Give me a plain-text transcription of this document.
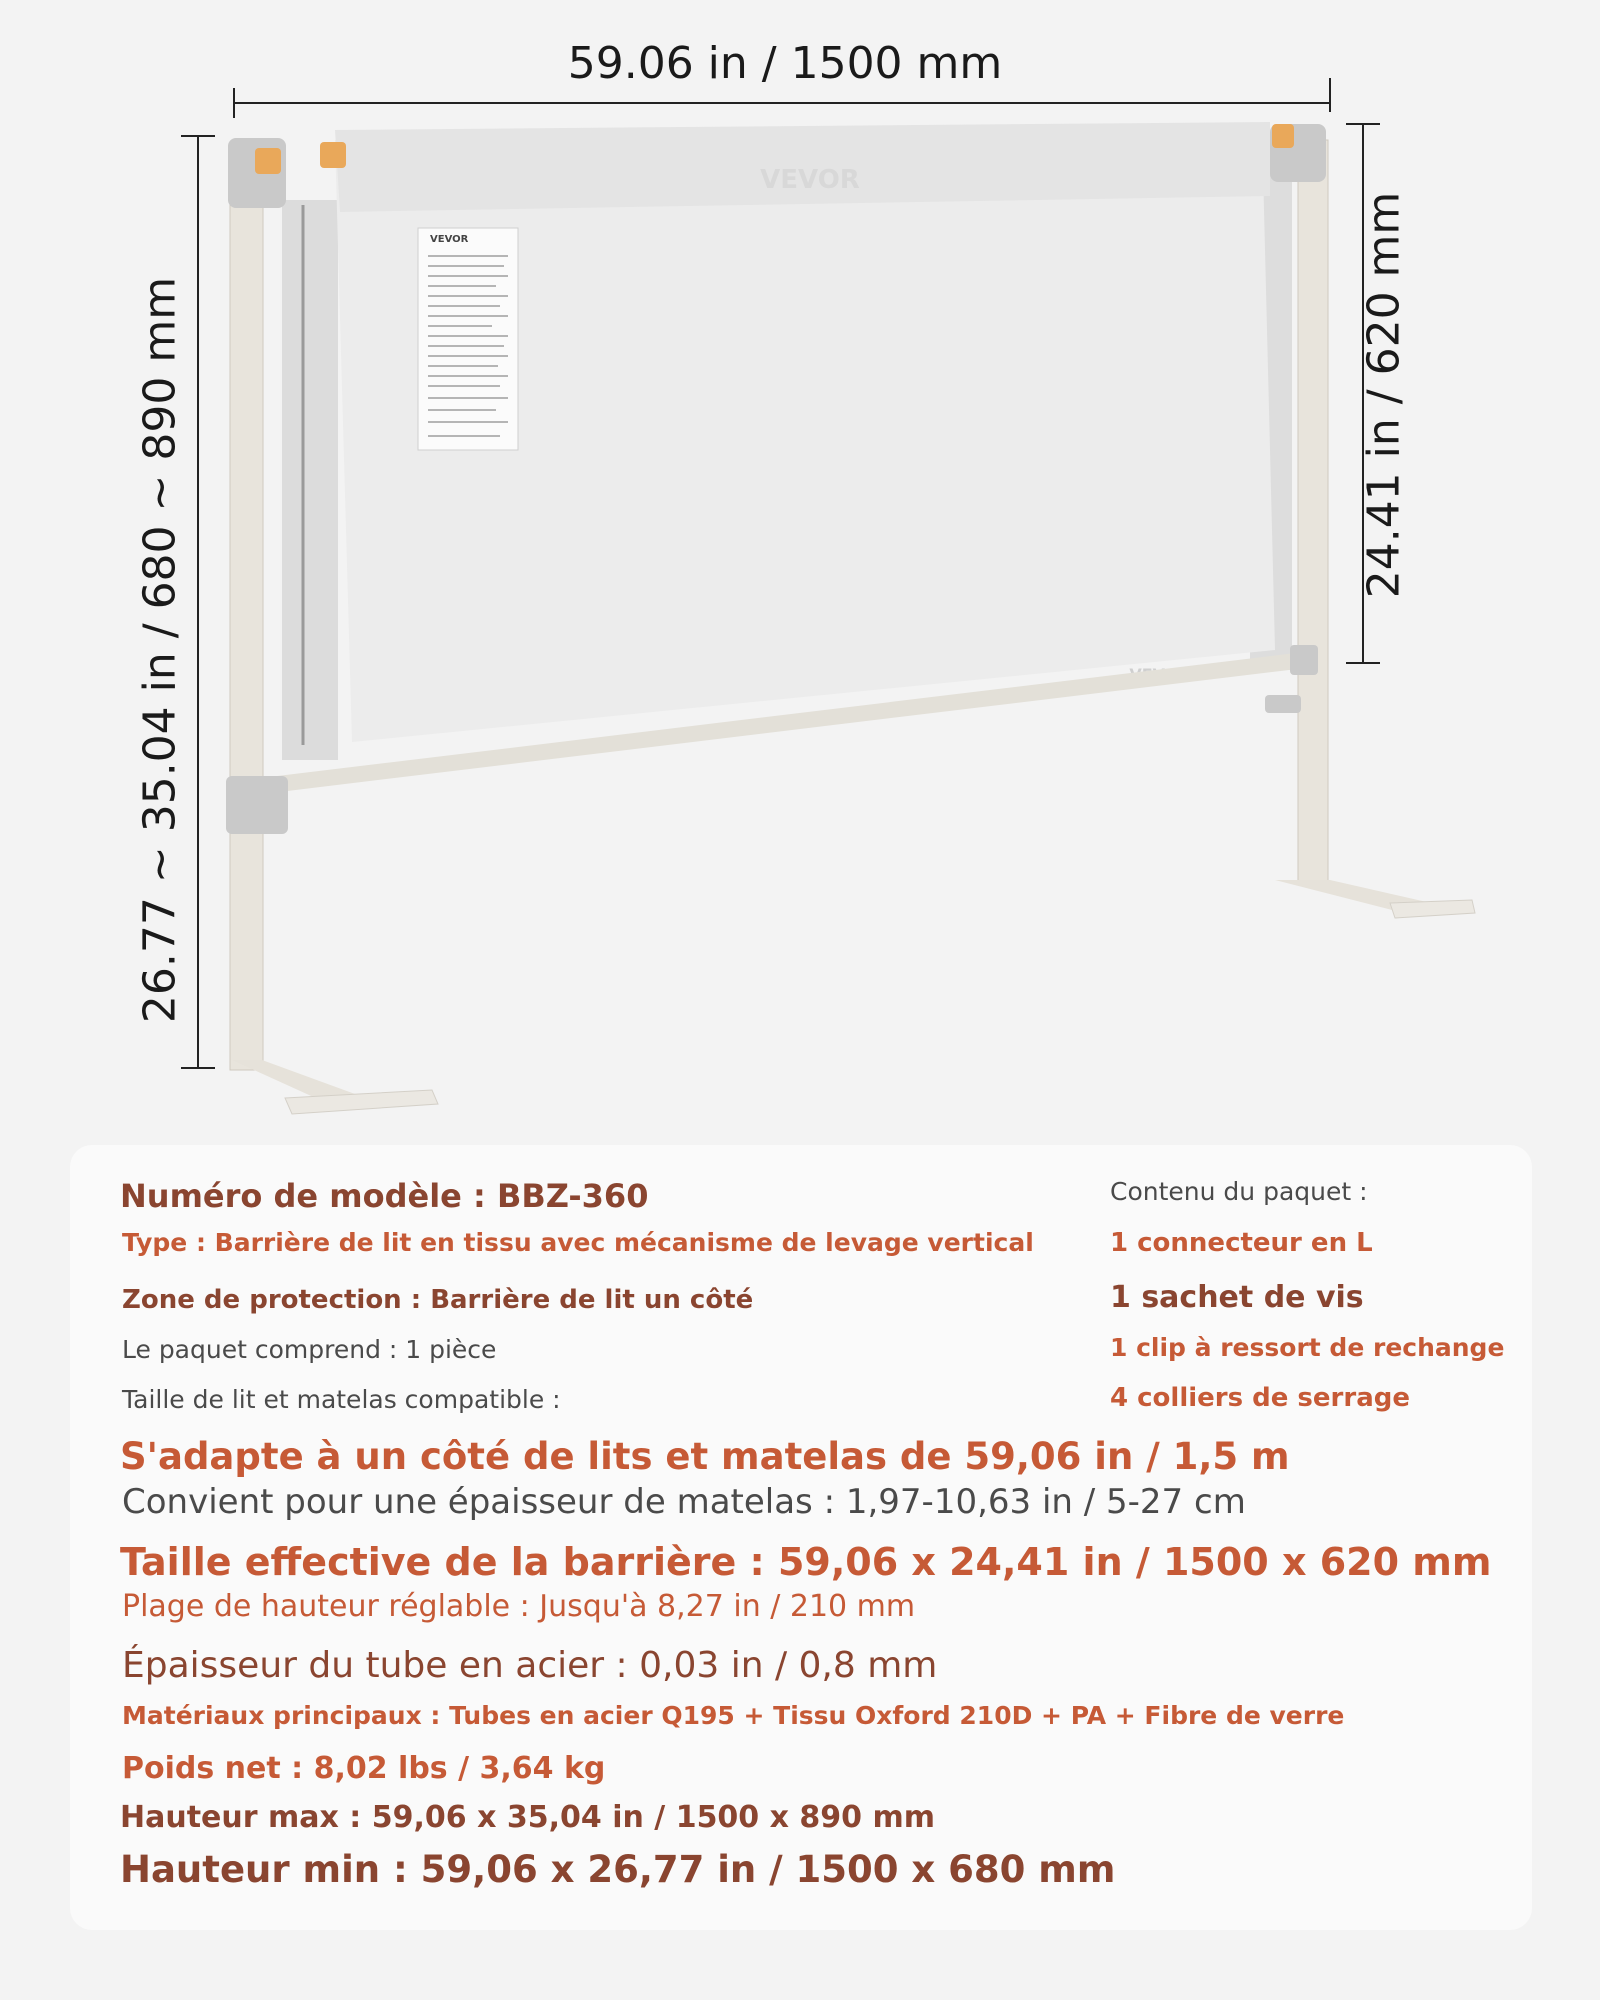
59.06 in / 1500 mm
26.77 ~ 35.04 in / 680 ~ 890 mm	24.41 in / 620 mm
VEVOR
VEVOR
Numéro de modèle : BBZ-360
Type : Barrière de lit en tissu avec mécanisme de levage vertical
Zone de protection : Barrière de lit un côté
Le paquet comprend : 1 pièce
Taille de lit et matelas compatible :
S'adapte à un côté de lits et matelas de 59,06 in / 1,5 m
Convient pour une épaisseur de matelas : 1,97-10,63 in / 5-27 cm
Taille effective de la barrière : 59,06 x 24,41 in / 1500 x 620 mm
Plage de hauteur réglable : Jusqu'à 8,27 in / 210 mm
Épaisseur du tube en acier : 0,03 in / 0,8 mm
Matériaux principaux : Tubes en acier Q195 + Tissu Oxford 210D + PA + Fibre de verre
Poids net : 8,02 lbs / 3,64 kg
Hauteur max : 59,06 x 35,04 in / 1500 x 890 mm
Hauteur min : 59,06 x 26,77 in / 1500 x 680 mm
Contenu du paquet :
1 connecteur en L
1 sachet de vis
1 clip à ressort de rechange
4 colliers de serrage
